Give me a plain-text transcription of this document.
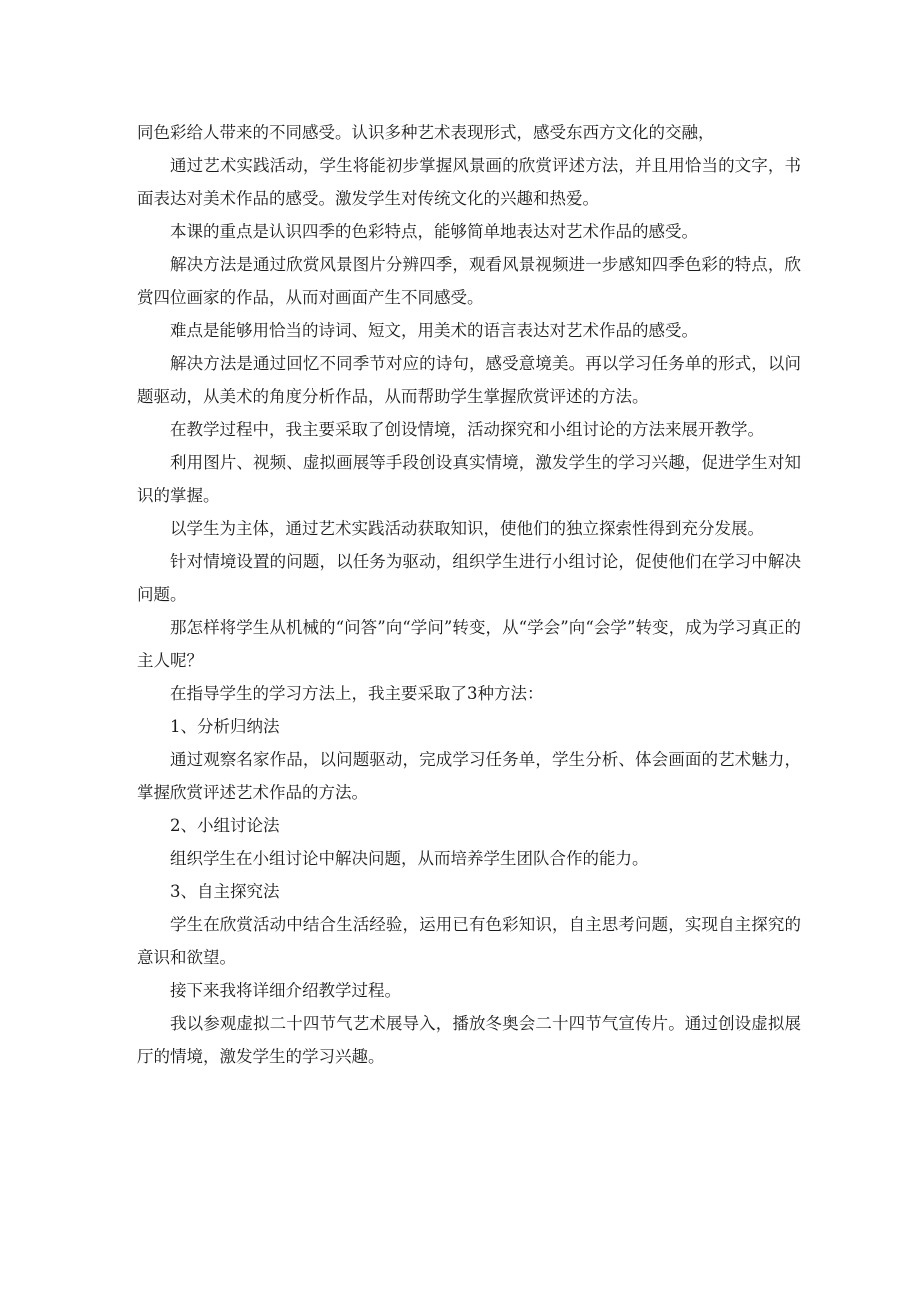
同色彩给人带来的不同感受。认识多种艺术表现形式，感受东西方文化的交融，

通过艺术实践活动，学生将能初步掌握风景画的欣赏评述方法，并且用恰当的文字，书面表达对美术作品的感受。激发学生对传统文化的兴趣和热爱。

本课的重点是认识四季的色彩特点，能够简单地表达对艺术作品的感受。

解决方法是通过欣赏风景图片分辨四季，观看风景视频进一步感知四季色彩的特点，欣赏四位画家的作品，从而对画面产生不同感受。

难点是能够用恰当的诗词、短文，用美术的语言表达对艺术作品的感受。

解决方法是通过回忆不同季节对应的诗句，感受意境美。再以学习任务单的形式，以问题驱动，从美术的角度分析作品，从而帮助学生掌握欣赏评述的方法。

在教学过程中，我主要采取了创设情境，活动探究和小组讨论的方法来展开教学。

利用图片、视频、虚拟画展等手段创设真实情境，激发学生的学习兴趣，促进学生对知识的掌握。

以学生为主体，通过艺术实践活动获取知识，使他们的独立探索性得到充分发展。

针对情境设置的问题，以任务为驱动，组织学生进行小组讨论，促使他们在学习中解决问题。

那怎样将学生从机械的“问答”向“学问”转变，从“学会”向“会学”转变，成为学习真正的主人呢？

在指导学生的学习方法上，我主要采取了3种方法：

1、分析归纳法

通过观察名家作品，以问题驱动，完成学习任务单，学生分析、体会画面的艺术魅力，掌握欣赏评述艺术作品的方法。

2、小组讨论法

组织学生在小组讨论中解决问题，从而培养学生团队合作的能力。

3、自主探究法

学生在欣赏活动中结合生活经验，运用已有色彩知识，自主思考问题，实现自主探究的意识和欲望。

接下来我将详细介绍教学过程。

我以参观虚拟二十四节气艺术展导入，播放冬奥会二十四节气宣传片。通过创设虚拟展厅的情境，激发学生的学习兴趣。
